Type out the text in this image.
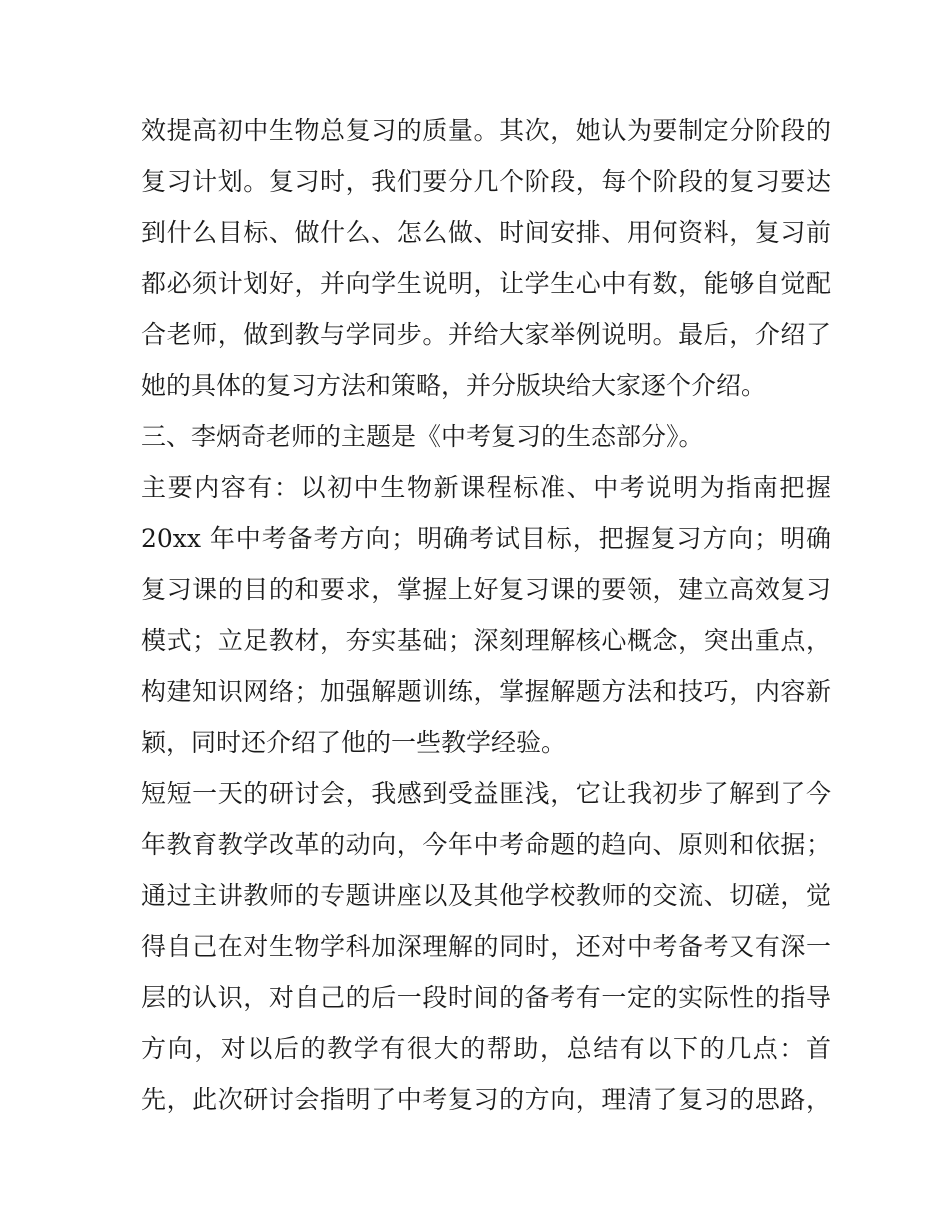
效提高初中生物总复习的质量。其次，她认为要制定分阶段的
复习计划。复习时，我们要分几个阶段，每个阶段的复习要达
到什么目标、做什么、怎么做、时间安排、用何资料，复习前
都必须计划好，并向学生说明，让学生心中有数，能够自觉配
合老师，做到教与学同步。并给大家举例说明。最后，介绍了
她的具体的复习方法和策略，并分版块给大家逐个介绍。
三、李炳奇老师的主题是《中考复习的生态部分》。
主要内容有：以初中生物新课程标准、中考说明为指南把握
20xx 年中考备考方向；明确考试目标，把握复习方向；明确
复习课的目的和要求，掌握上好复习课的要领，建立高效复习
模式；立足教材，夯实基础；深刻理解核心概念，突出重点，
构建知识网络；加强解题训练，掌握解题方法和技巧，内容新
颖，同时还介绍了他的一些教学经验。
短短一天的研讨会，我感到受益匪浅，它让我初步了解到了今
年教育教学改革的动向，今年中考命题的趋向、原则和依据；
通过主讲教师的专题讲座以及其他学校教师的交流、切磋，觉
得自己在对生物学科加深理解的同时，还对中考备考又有深一
层的认识，对自己的后一段时间的备考有一定的实际性的指导
方向，对以后的教学有很大的帮助，总结有以下的几点：首
先，此次研讨会指明了中考复习的方向，理清了复习的思路，
